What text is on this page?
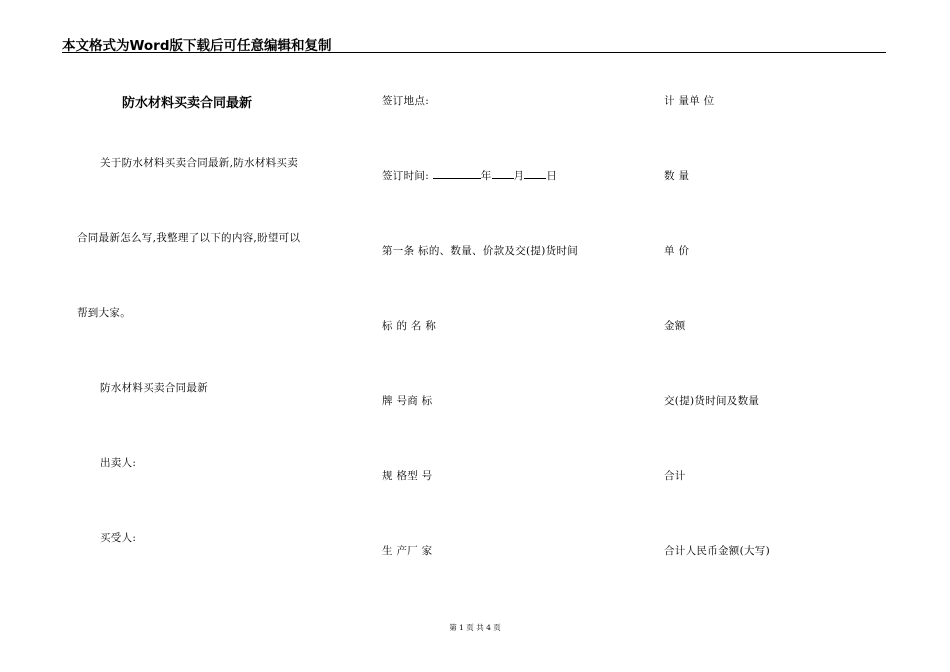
本文格式为Word版下载后可任意编辑和复制
防水材料买卖合同最新
关于防水材料买卖合同最新,防水材料买卖
合同最新怎么写,我整理了以下的内容,盼望可以
帮到大家。
防水材料买卖合同最新
出卖人:
买受人:
签订地点:
签订时间:	年 月 日
第一条 标的、数量、价款及交(提)货时间
标 的 名 称
牌 号商 标
规 格型 号
生 产厂 家
计 量单 位
数 量
单 价
金额
交(提)货时间及数量
合计
合计人民币金额(大写)
第 1 页 共 4 页
